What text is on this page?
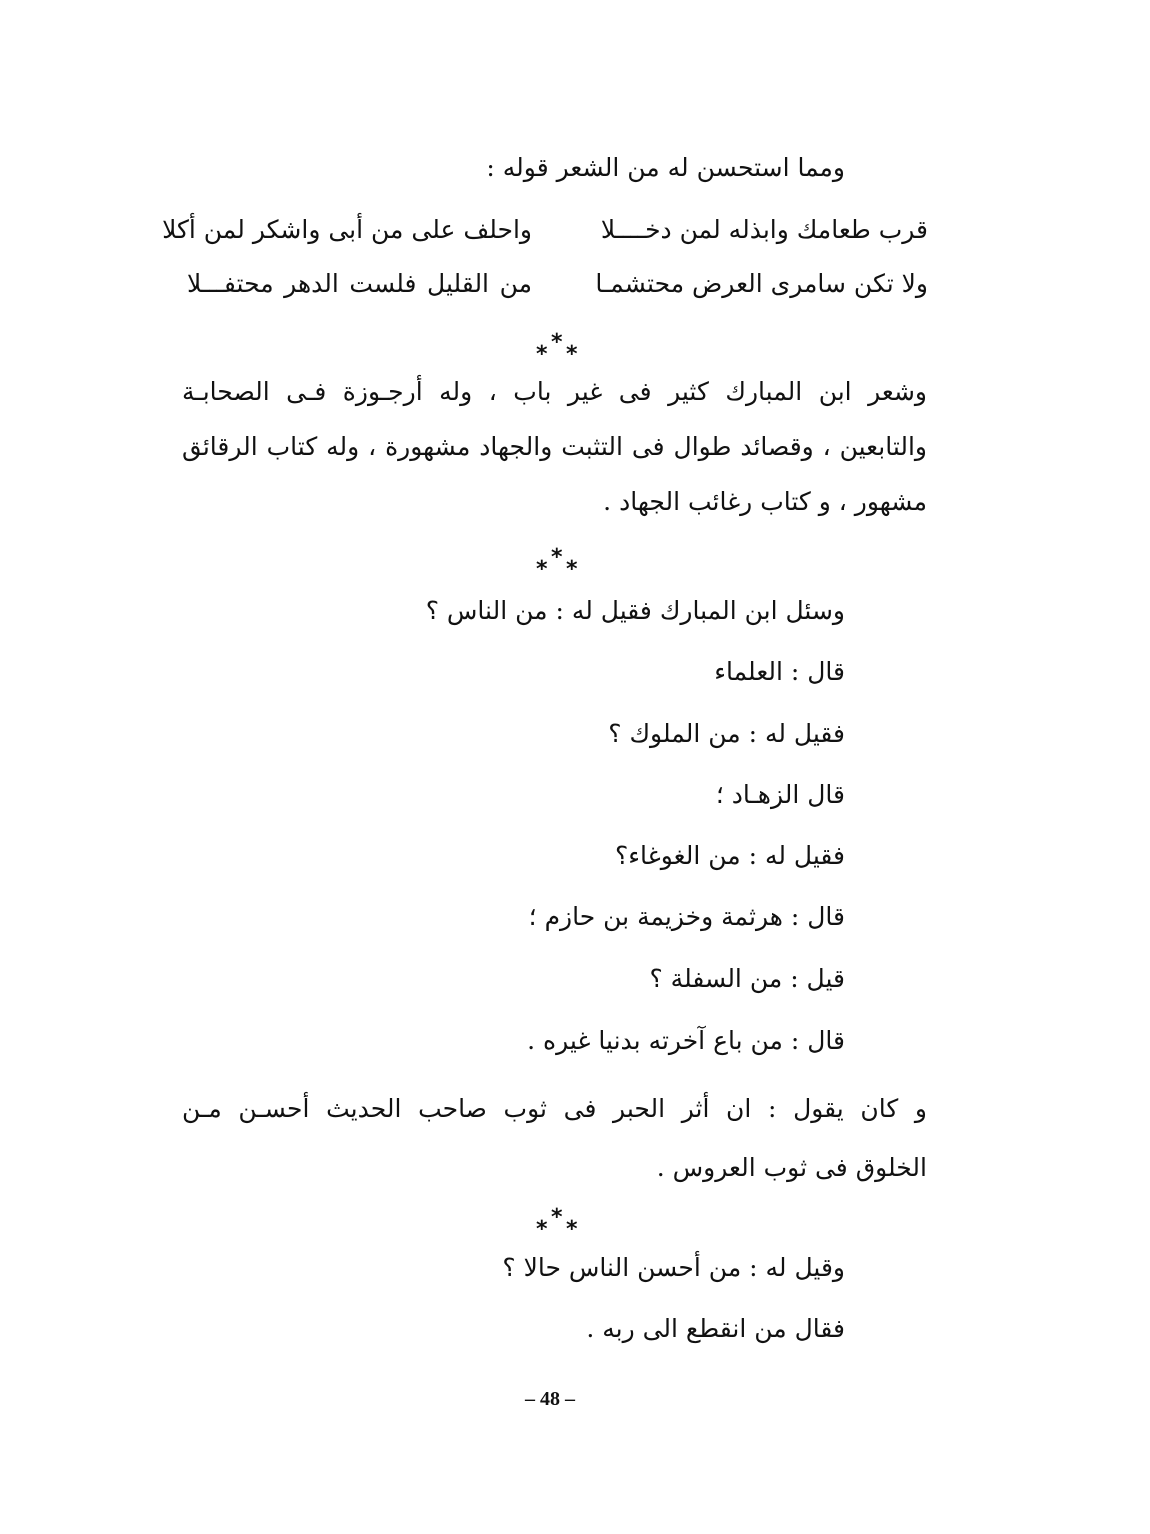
ومما استحسن له من الشعر قوله :
قرب طعامك وابذله لمن دخــــلا
واحلف على من أبى واشكر لمن أكلا
ولا تكن سامرى العرض محتشمـا
من القليل فلست الدهر محتفـــلا
* * *
وشعر ابن المبارك كثير فى غير باب ، وله أرجـوزة فـى الصحابـة
والتابعين ، وقصائد طوال فى التثبت والجهاد مشهورة ، وله كتاب الرقائق
مشهور ، و كتاب رغائب الجهاد .
* * *
وسئل ابن المبارك فقيل له : من الناس ؟
قال : العلماء
فقيل له : من الملوك ؟
قال الزهـاد ؛
فقيل له : من الغوغاء؟
قال : هرثمة وخزيمة بن حازم ؛
قيل : من السفلة ؟
قال : من باع آخرته بدنيا غيره .
و كان يقول : ان أثر الحبر فى ثوب صاحب الحديث أحسـن مـن
الخلوق فى ثوب العروس .
* * *
وقيل له : من أحسن الناس حالا ؟
فقال من انقطع الى ربه .
– 48 –
